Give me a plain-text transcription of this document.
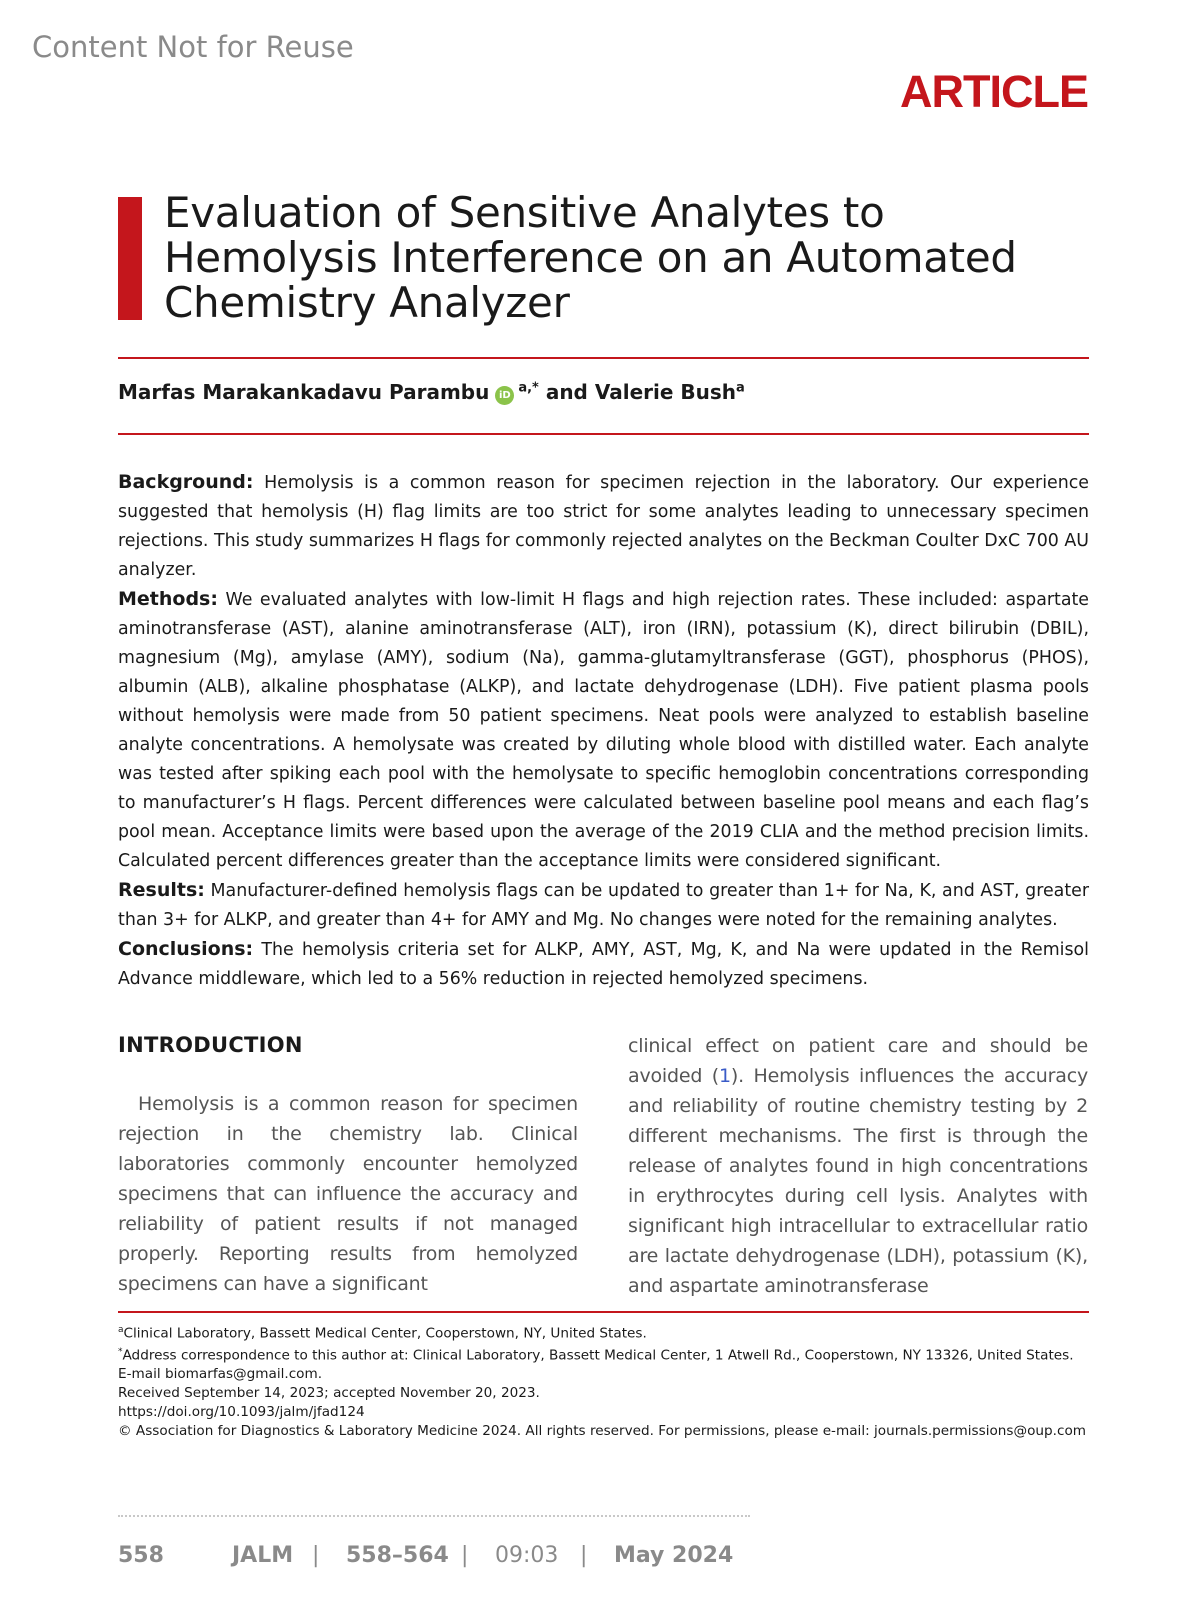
Content Not for Reuse
ARTICLE
Evaluation of Sensitive Analytes to Hemolysis Interference on an Automated Chemistry Analyzer
Marfas Marakankadavu Parambu $iD^{a,*}$ and Valerie Bush$^a$

Background: Hemolysis is a common reason for specimen rejection in the laboratory. Our experience suggested that hemolysis (H) flag limits are too strict for some analytes leading to unnecessary specimen rejections. This study summarizes H flags for commonly rejected analytes on the Beckman Coulter DxC 700 AU analyzer.

Methods: We evaluated analytes with low-limit H flags and high rejection rates. These included: aspartate aminotransferase (AST), alanine aminotransferase (ALT), iron (IRN), potassium (K), direct bilirubin (DBIL), magnesium (Mg), amylase (AMY), sodium (Na), gamma-glutamyltransferase (GGT), phosphorus (PHOS), albumin (ALB), alkaline phosphatase (ALKP), and lactate dehydrogenase (LDH). Five patient plasma pools without hemolysis were made from 50 patient specimens. Neat pools were analyzed to establish baseline analyte concentrations. A hemolysate was created by diluting whole blood with distilled water. Each analyte was tested after spiking each pool with the hemolysate to specific hemoglobin concentrations corresponding to manufacturer’s H flags. Percent differences were calculated between baseline pool means and each flag’s pool mean. Acceptance limits were based upon the average of the 2019 CLIA and the method precision limits. Calculated percent differences greater than the acceptance limits were considered significant.

Results: Manufacturer-defined hemolysis flags can be updated to greater than 1+ for Na, K, and AST, greater than 3+ for ALKP, and greater than 4+ for AMY and Mg. No changes were noted for the remaining analytes.

Conclusions: The hemolysis criteria set for ALKP, AMY, AST, Mg, K, and Na were updated in the Remisol Advance middleware, which led to a 56% reduction in rejected hemolyzed specimens.

INTRODUCTION
Hemolysis is a common reason for specimen rejection in the chemistry lab. Clinical laboratories commonly encounter hemolyzed specimens that can influence the accuracy and reliability of patient results if not managed properly. Reporting results from hemolyzed specimens can have a significant
clinical effect on patient care and should be avoided (1). Hemolysis influences the accuracy and reliability of routine chemistry testing by 2 different mechanisms. The first is through the release of analytes found in high concentrations in erythrocytes during cell lysis. Analytes with significant high intracellular to extracellular ratio are lactate dehydrogenase (LDH), potassium (K), and aspartate aminotransferase
$^a$Clinical Laboratory, Bassett Medical Center, Cooperstown, NY, United States.
*Address correspondence to this author at: Clinical Laboratory, Bassett Medical Center, 1 Atwell Rd., Cooperstown, NY 13326, United States.
E-mail biomarfas@gmail.com.
Received September 14, 2023; accepted November 20, 2023.
https://doi.org/10.1093/jalm/jfad124
© Association for Diagnostics & Laboratory Medicine 2024. All rights reserved. For permissions, please e-mail: journals.permissions@oup.com
558	JALM | 558–564 | 09:03 | May 2024
